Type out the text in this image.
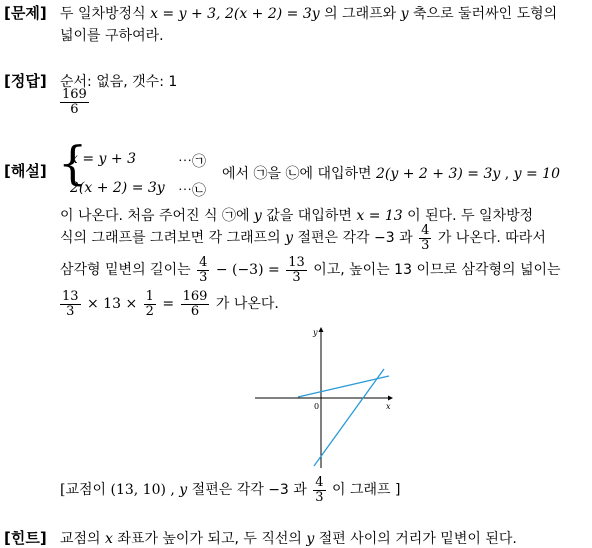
[문제] 두 일차방정식 x = y + 3, 2(x + 2) = 3y 의 그래프와 y 축으로 둘러싸인 도형의
넓이를 구하여라.
[정답] 순서: 없음, 갯수: 1
$\frac{169}{6}$
[해설] {
x = y + 3	⋯㉠
2(x + 2) = 3y ⋯㉡
에서 ㉠을 ㉡에 대입하면 2(y + 2 + 3) = 3y , y = 10
이 나온다. 처음 주어진 식 ㉠에 y 값을 대입하면 x = 13 이 된다. 두 일차방정
식의 그래프를 그려보면 각 그래프의 y 절편은 각각 −3 과 $\frac{4}{3}$ 가 나온다. 따라서
삼각형 밑변의 길이는 $\frac{4}{3} - (-3) = \frac{13}{3}$ 이고, 높이는 13 이므로 삼각형의 넓이는
$\frac{13}{3} \times 13 \times \frac{1}{2} = \frac{169}{6}$ 가 나온다.
y
x
0
[교점이 (13, 10) , y 절편은 각각 −3 과 $\frac{4}{3}$ 이 그래프 ]
[힌트] 교점의 x 좌표가 높이가 되고, 두 직선의 y 절편 사이의 거리가 밑변이 된다.
